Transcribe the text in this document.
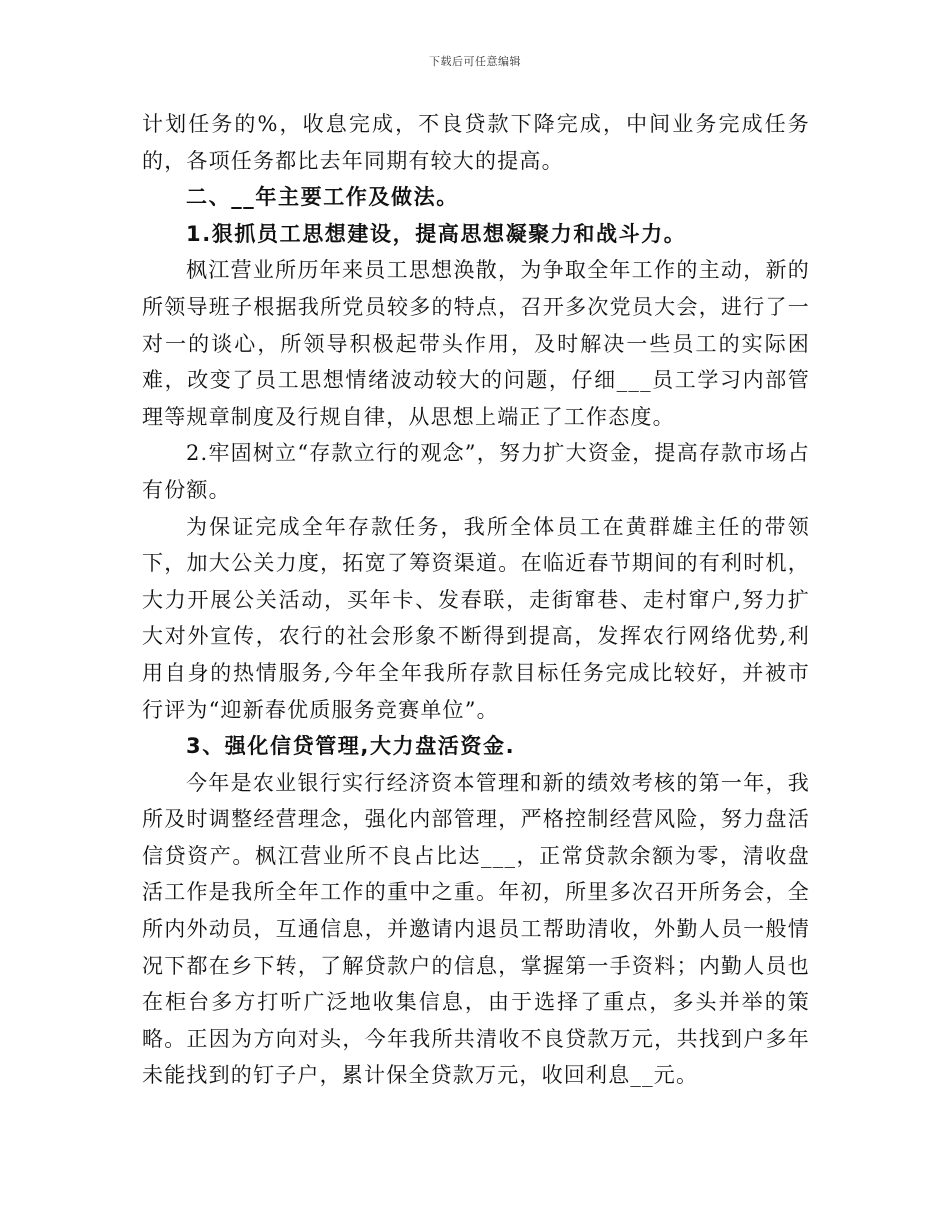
下载后可任意编辑

计划任务的%，收息完成，不良贷款下降完成，中间业务完成任务的，各项任务都比去年同期有较大的提高。

二、__年主要工作及做法。

1.狠抓员工思想建设，提高思想凝聚力和战斗力。

枫江营业所历年来员工思想涣散，为争取全年工作的主动，新的所领导班子根据我所党员较多的特点，召开多次党员大会，进行了一对一的谈心，所领导积极起带头作用，及时解决一些员工的实际困难，改变了员工思想情绪波动较大的问题，仔细___员工学习内部管理等规章制度及行规自律，从思想上端正了工作态度。

2.牢固树立“存款立行的观念”，努力扩大资金，提高存款市场占有份额。

为保证完成全年存款任务，我所全体员工在黄群雄主任的带领下，加大公关力度，拓宽了筹资渠道。在临近春节期间的有利时机，大力开展公关活动，买年卡、发春联，走街窜巷、走村窜户,努力扩大对外宣传，农行的社会形象不断得到提高，发挥农行网络优势,利用自身的热情服务,今年全年我所存款目标任务完成比较好，并被市行评为“迎新春优质服务竞赛单位”。

3、强化信贷管理,大力盘活资金.

今年是农业银行实行经济资本管理和新的绩效考核的第一年，我所及时调整经营理念，强化内部管理，严格控制经营风险，努力盘活信贷资产。枫江营业所不良占比达___，正常贷款余额为零，清收盘活工作是我所全年工作的重中之重。年初，所里多次召开所务会，全所内外动员，互通信息，并邀请内退员工帮助清收，外勤人员一般情况下都在乡下转，了解贷款户的信息，掌握第一手资料；内勤人员也在柜台多方打听广泛地收集信息，由于选择了重点，多头并举的策略。正因为方向对头，今年我所共清收不良贷款万元，共找到户多年未能找到的钉子户，累计保全贷款万元，收回利息__元。
